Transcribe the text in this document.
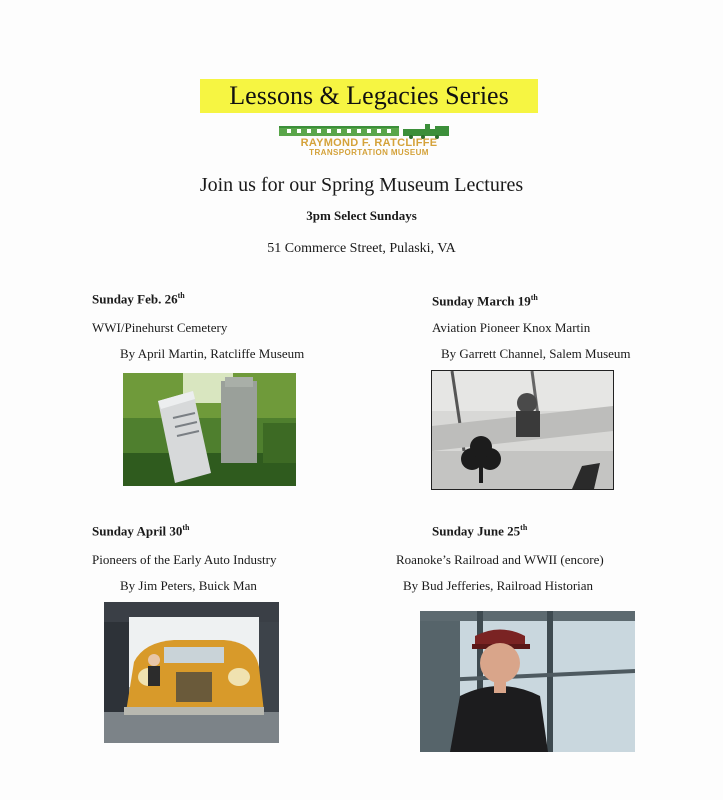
Lessons & Legacies Series
RAYMOND F. RATCLIFFE
TRANSPORTATION MUSEUM
Join us for our Spring Museum Lectures
3pm Select Sundays
51 Commerce Street, Pulaski, VA
Sunday Feb. 26th
WWI/Pinehurst Cemetery
By April Martin, Ratcliffe Museum
Sunday March 19th
Aviation Pioneer Knox Martin
By Garrett Channel, Salem Museum
Sunday April 30th
Pioneers of the Early Auto Industry
By Jim Peters, Buick Man
Sunday June 25th
Roanoke’s Railroad and WWII (encore)
By Bud Jefferies, Railroad Historian
